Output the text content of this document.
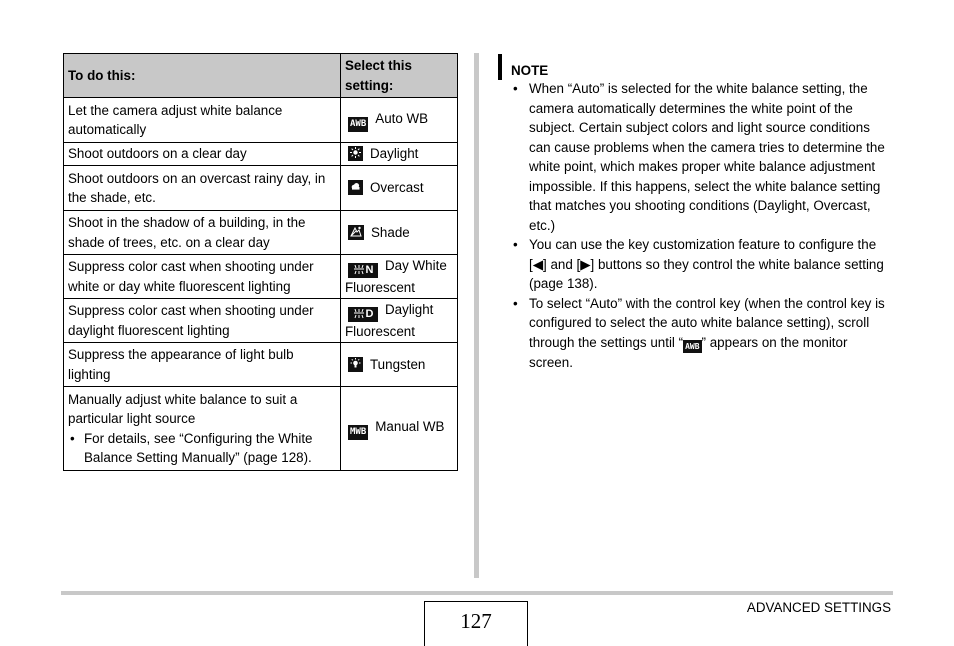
To do this:	Select this setting:
Let the camera adjust white balance automatically	AWB Auto WB
Shoot outdoors on a clear day	Daylight
Shoot outdoors on an overcast rainy day, in the shade, etc.	Overcast
Shoot in the shadow of a building, in the shade of trees, etc. on a clear day	Shade
Suppress color cast when shooting under white or day white fluorescent lighting	N Day White Fluorescent
Suppress color cast when shooting under daylight fluorescent lighting	D Daylight Fluorescent
Suppress the appearance of light bulb lighting	Tungsten

Manually adjust white balance to suit a particular light source
• For details, see “Configuring the White Balance Setting Manually” (page 128).	MWB Manual WB
NOTE
• When “Auto” is selected for the white balance setting, the camera automatically determines the white point of the subject. Certain subject colors and light source conditions can cause problems when the camera tries to determine the white point, which makes proper white balance adjustment impossible. If this happens, select the white balance setting that matches you shooting conditions (Daylight, Overcast, etc.)
• You can use the key customization feature to configure the [◀] and [▶] buttons so they control the white balance setting (page 138).
• To select “Auto” with the control key (when the control key is configured to select the auto white balance setting), scroll through the settings until “ AWB ” appears on the monitor screen.
ADVANCED SETTINGS
127
